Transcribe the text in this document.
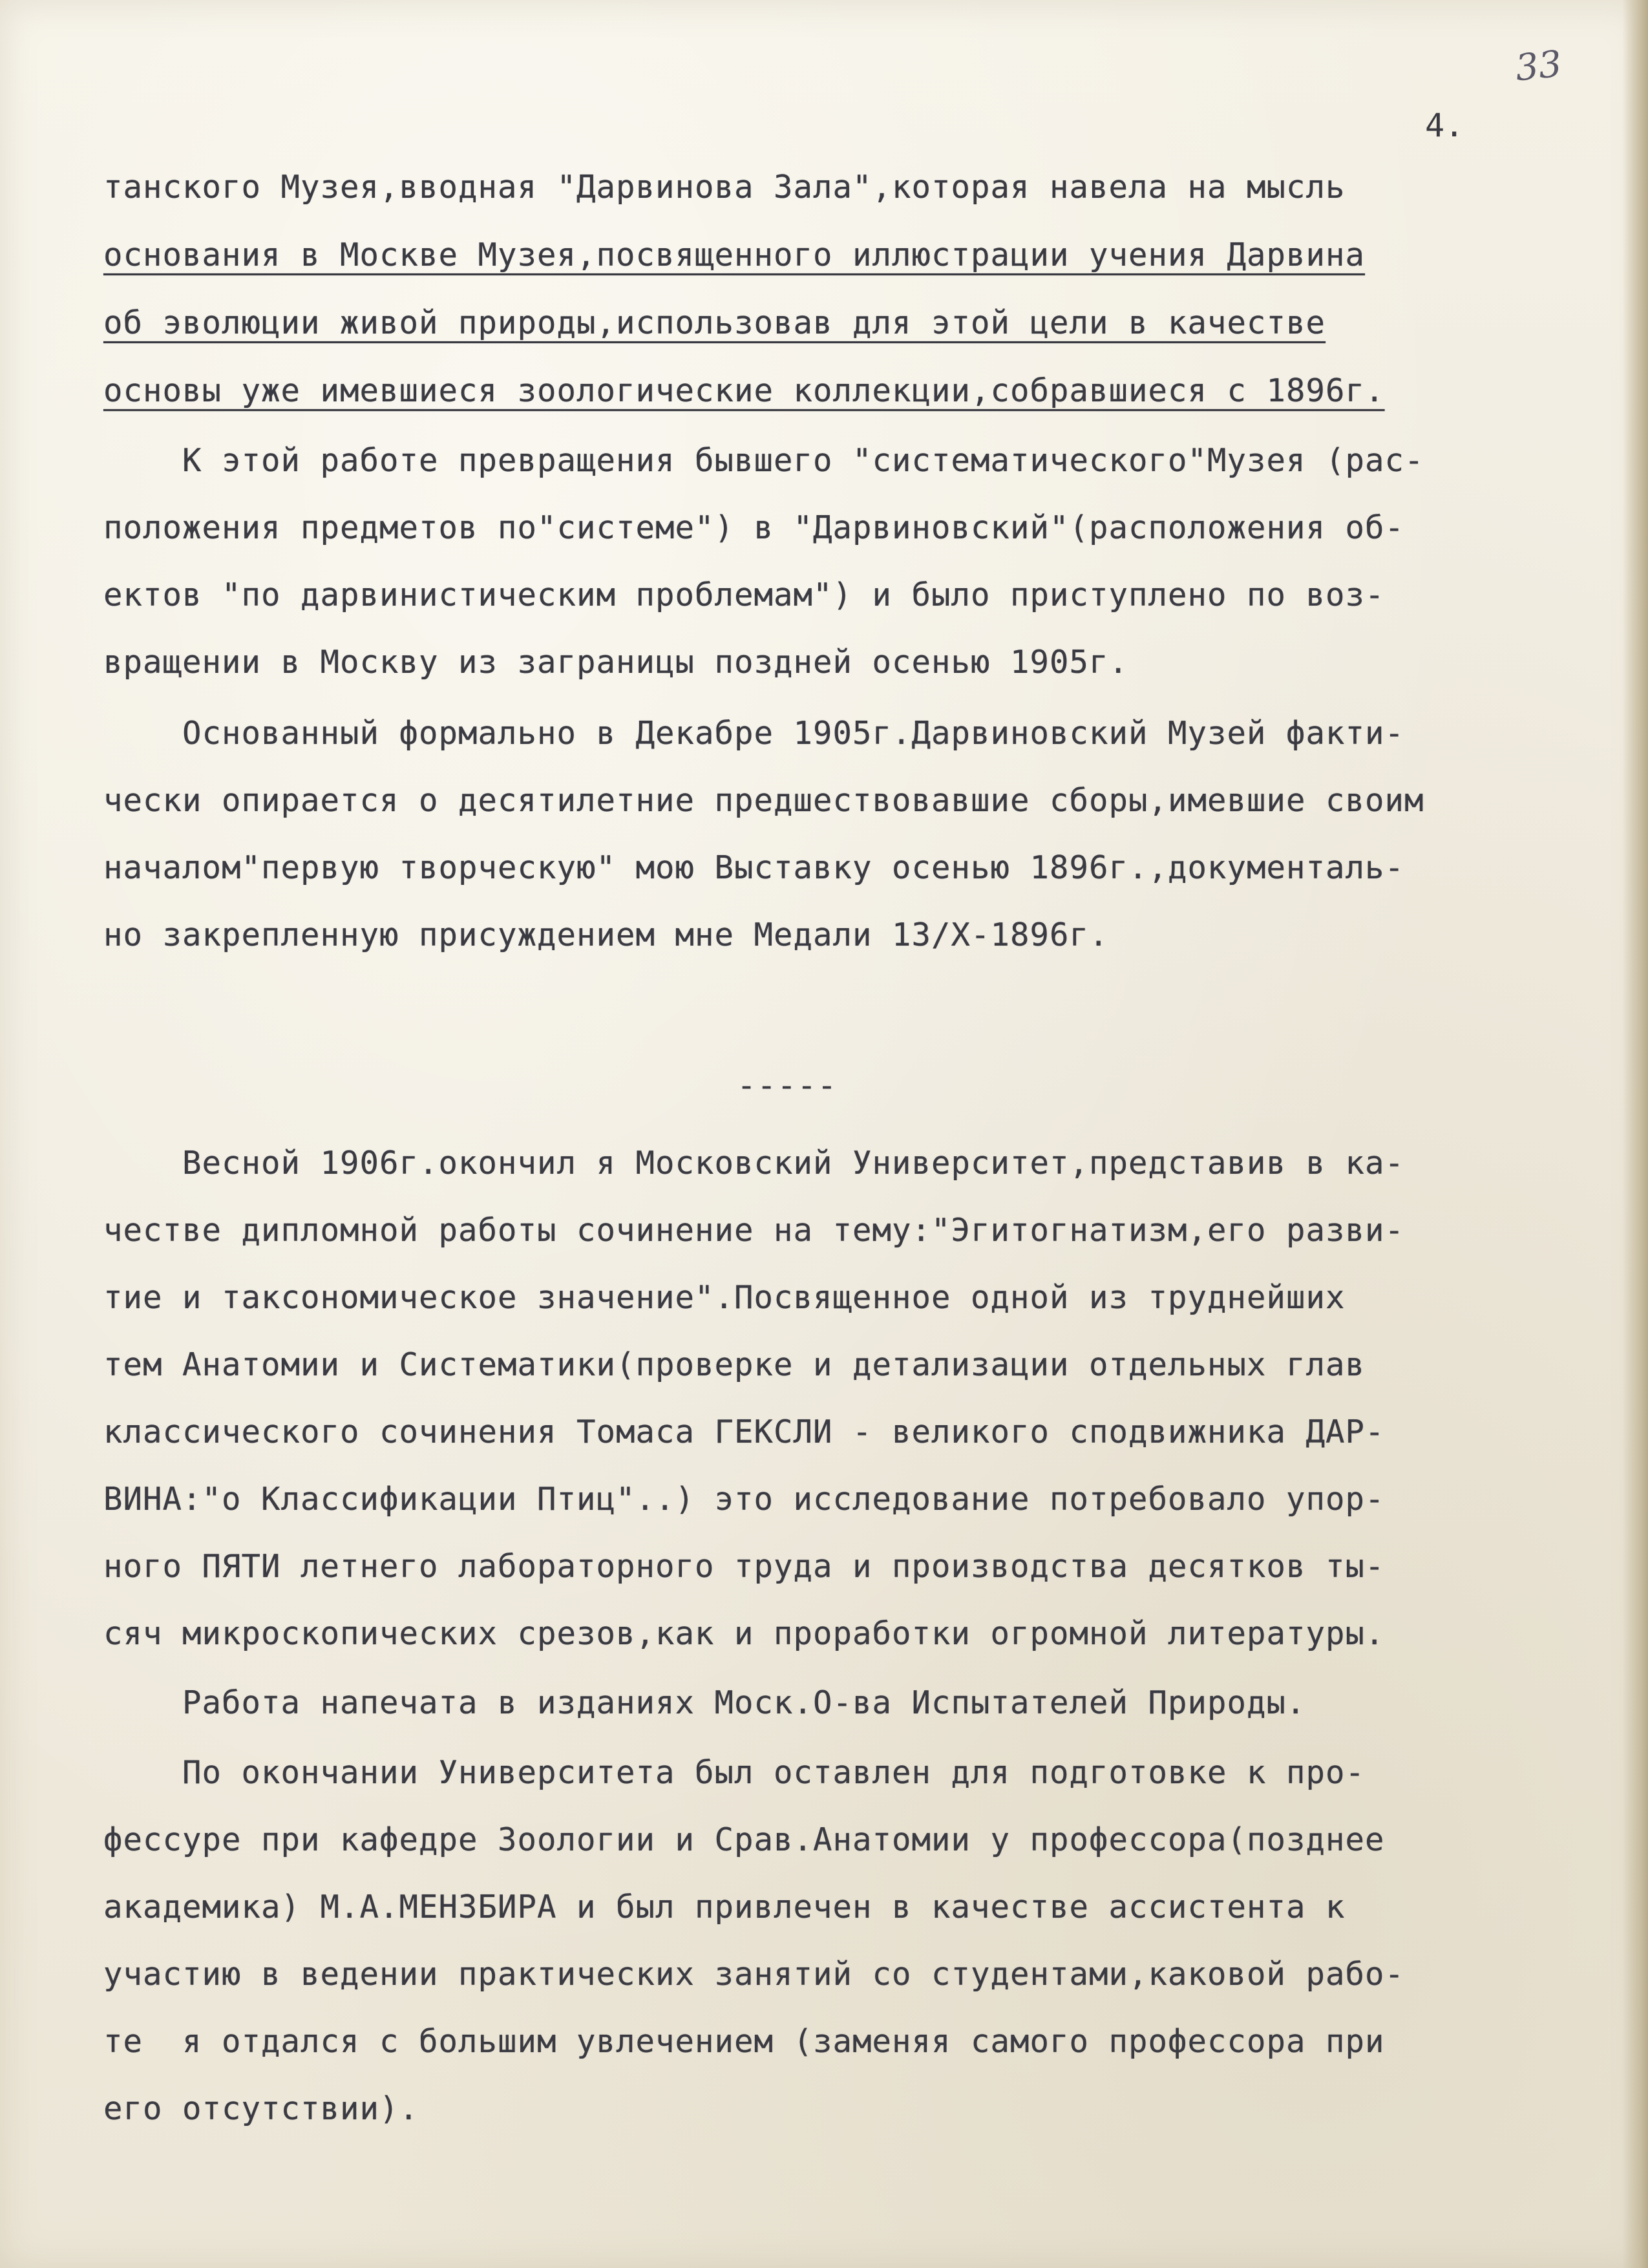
33

4.

танского Музея,вводная "Дарвинова Зала",которая навела на мысль

основания в Москве Музея,посвященного иллюстрации учения Дарвина

об эволюции живой природы,использовав для этой цели в качестве

основы уже имевшиеся зоологические коллекции,собравшиеся с 1896г.

К этой работе превращения бывшего "систематического"Музея (рас-

положения предметов по"системе") в "Дарвиновский"(расположения об-

ектов "по дарвинистическим проблемам") и было приступлено по воз-

вращении в Москву из заграницы поздней осенью 1905г.

Основанный формально в Декабре 1905г.Дарвиновский Музей факти-

чески опирается о десятилетние предшествовавшие сборы,имевшие своим

началом"первую творческую" мою Выставку осенью 1896г.,документаль-

но закрепленную присуждением мне Медали 13/X-1896г.

-----

Весной 1906г.окончил я Московский Университет,представив в ка-

честве дипломной работы сочинение на тему:"Эгитогнатизм,его разви-

тие и таксономическое значение".Посвященное одной из труднейших

тем Анатомии и Систематики(проверке и детализации отдельных глав

классического сочинения Томаса ГЕКСЛИ - великого сподвижника ДАР-

ВИНА:"о Классификации Птиц"..) это исследование потребовало упор-

ного ПЯТИ летнего лабораторного труда и производства десятков ты-

сяч микроскопических срезов,как и проработки огромной литературы.

Работа напечата в изданиях Моск.О-ва Испытателей Природы.

По окончании Университета был оставлен для подготовке к про-

фессуре при кафедре Зоологии и Срав.Анатомии у профессора(позднее

академика) М.А.МЕНЗБИРА и был привлечен в качестве ассистента к

участию в ведении практических занятий со студентами,каковой рабо-

те  я отдался с большим увлечением (заменяя самого профессора при

его отсутствии).
